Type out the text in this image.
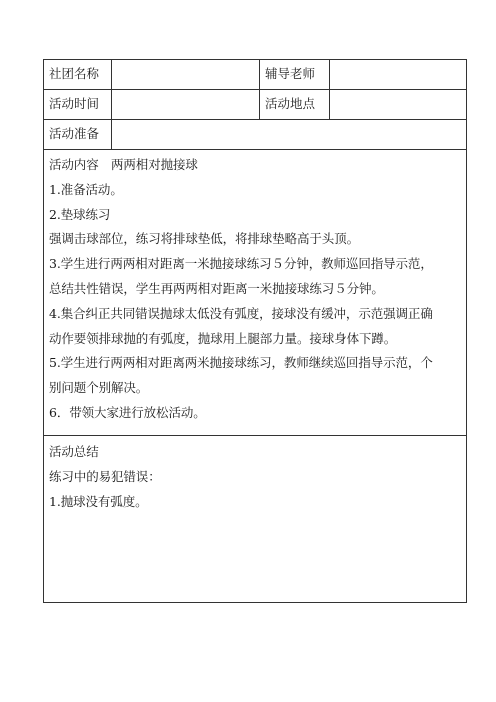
社团名称	辅导老师
活动时间	活动地点
活动准备
活动内容　两两相对抛接球
1.准备活动。
2.垫球练习
强调击球部位，练习将排球垫低，将排球垫略高于头顶。
3.学生进行两两相对距离一米抛接球练习５分钟，教师巡回指导示范，
总结共性错误，学生再两两相对距离一米抛接球练习５分钟。
4.集合纠正共同错误抛球太低没有弧度，接球没有缓冲，示范强调正确
动作要领排球抛的有弧度，抛球用上腿部力量。接球身体下蹲。
5.学生进行两两相对距离两米抛接球练习，教师继续巡回指导示范，个
别问题个别解决。
6．带领大家进行放松活动。
活动总结
练习中的易犯错误：
1.抛球没有弧度。
